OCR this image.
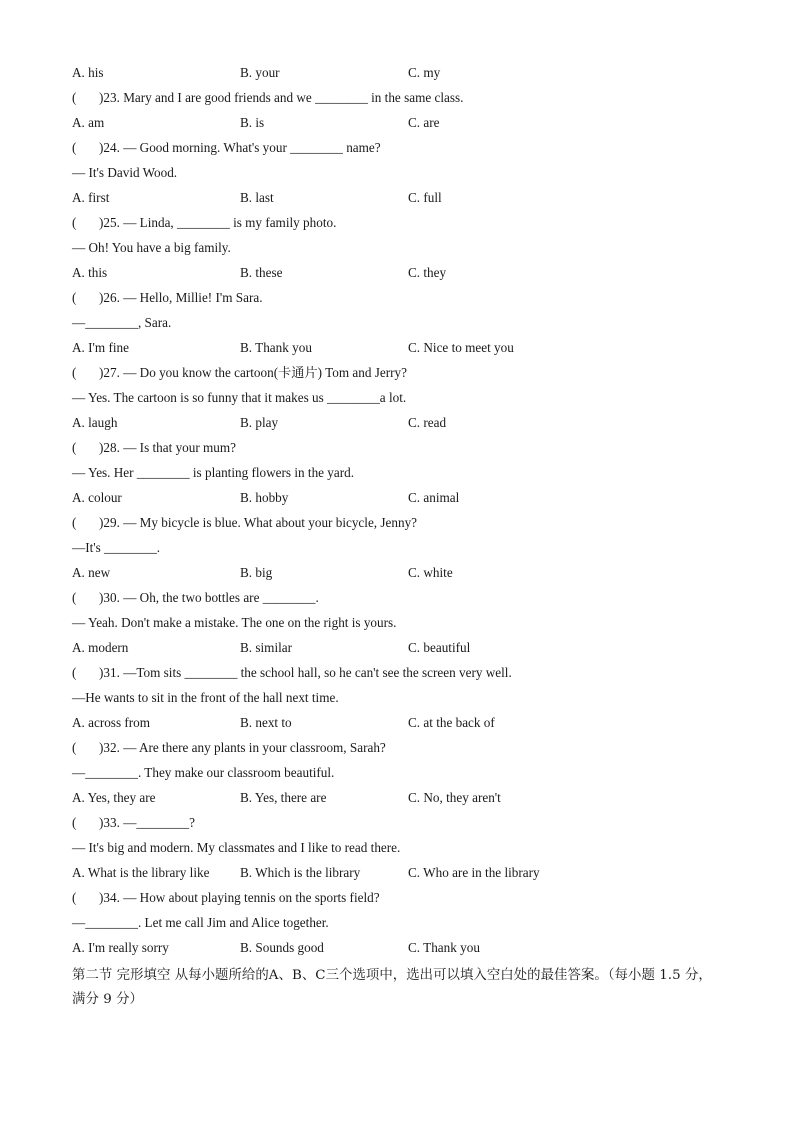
A. his	B. your	C. my
( )23. Mary and I are good friends and we ________ in the same class.
A. am	B. is	C. are
( )24. — Good morning. What's your ________ name?
— It's David Wood.
A. first	B. last	C. full
( )25. — Linda, ________ is my family photo.
— Oh! You have a big family.
A. this	B. these	C. they
( )26. — Hello, Millie! I'm Sara.
—________, Sara.
A. I'm fine	B. Thank you	C. Nice to meet you
( )27. — Do you know the cartoon(卡通片) Tom and Jerry?
— Yes. The cartoon is so funny that it makes us ________a lot.
A. laugh	B. play	C. read
( )28. — Is that your mum?
— Yes. Her ________ is planting flowers in the yard.
A. colour	B. hobby	C. animal
( )29. — My bicycle is blue. What about your bicycle, Jenny?
—It's ________.
A. new	B. big	C. white
( )30. — Oh, the two bottles are ________.
— Yeah. Don't make a mistake. The one on the right is yours.
A. modern	B. similar	C. beautiful
( )31. —Tom sits ________ the school hall, so he can't see the screen very well.
—He wants to sit in the front of the hall next time.
A. across from	B. next to	C. at the back of
( )32. — Are there any plants in your classroom, Sarah?
—________. They make our classroom beautiful.
A. Yes, they are	B. Yes, there are	C. No, they aren't
( )33. —________?
— It's big and modern. My classmates and I like to read there.
A. What is the library like B. Which is the library	C. Who are in the library
( )34. — How about playing tennis on the sports field?
—________. Let me call Jim and Alice together.
A. I'm really sorry	B. Sounds good	C. Thank you
第二节 完形填空 从每小题所给的A、B、C三个选项中，选出可以填入空白处的最佳答案。（每小题 1.5 分，满分 9 分）
